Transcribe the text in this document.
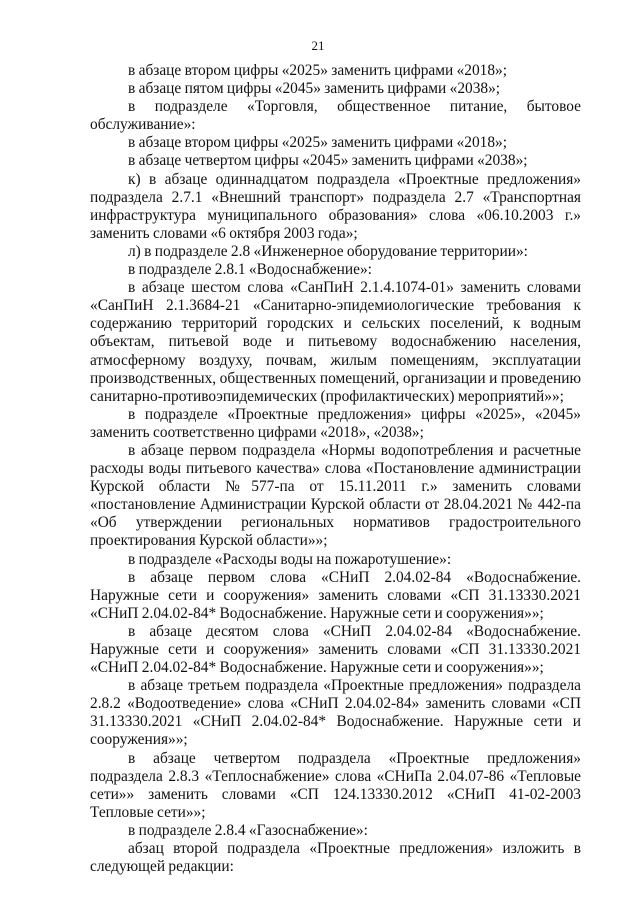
21

в абзаце втором цифры «2025» заменить цифрами «2018»;

в абзаце пятом цифры «2045» заменить цифрами «2038»;

в подразделе «Торговля, общественное питание, бытовое обслуживание»:

в абзаце втором цифры «2025» заменить цифрами «2018»;

в абзаце четвертом цифры «2045» заменить цифрами «2038»;

к) в абзаце одиннадцатом подраздела «Проектные предложения» подраздела 2.7.1 «Внешний транспорт» подраздела 2.7 «Транспортная инфраструктура муниципального образования» слова «06.10.2003 г.» заменить словами «6 октября 2003 года»;

л) в подразделе 2.8 «Инженерное оборудование территории»:

в подразделе 2.8.1 «Водоснабжение»:

в абзаце шестом слова «СанПиН 2.1.4.1074-01» заменить словами «СанПиН 2.1.3684-21 «Санитарно-эпидемиологические требования к содержанию территорий городских и сельских поселений, к водным объектам, питьевой воде и питьевому водоснабжению населения, атмосферному воздуху, почвам, жилым помещениям, эксплуатации производственных, общественных помещений, организации и проведению санитарно-противоэпидемических (профилактических) мероприятий»»;

в подразделе «Проектные предложения» цифры «2025», «2045» заменить соответственно цифрами «2018», «2038»;

в абзаце первом подраздела «Нормы водопотребления и расчетные расходы воды питьевого качества» слова «Постановление администрации Курской области №577-па от 15.11.2011 г.» заменить словами «постановление Администрации Курской области от 28.04.2021 № 442-па «Об утверждении региональных нормативов градостроительного проектирования Курской области»»;

в подразделе «Расходы воды на пожаротушение»:

в абзаце первом слова «СНиП 2.04.02-84 «Водоснабжение. Наружные сети и сооружения» заменить словами «СП 31.13330.2021 «СНиП 2.04.02-84* Водоснабжение. Наружные сети и сооружения»»;

в абзаце десятом слова «СНиП 2.04.02-84 «Водоснабжение. Наружные сети и сооружения» заменить словами «СП 31.13330.2021 «СНиП 2.04.02-84* Водоснабжение. Наружные сети и сооружения»»;

в абзаце третьем подраздела «Проектные предложения» подраздела 2.8.2 «Водоотведение» слова «СНиП 2.04.02-84» заменить словами «СП 31.13330.2021 «СНиП 2.04.02-84* Водоснабжение. Наружные сети и сооружения»»;

в абзаце четвертом подраздела «Проектные предложения» подраздела 2.8.3 «Теплоснабжение» слова «СНиПа 2.04.07-86 «Тепловые сети»» заменить словами «СП 124.13330.2012 «СНиП 41-02-2003 Тепловые сети»»;

в подразделе 2.8.4 «Газоснабжение»:

абзац второй подраздела «Проектные предложения» изложить в следующей редакции:
